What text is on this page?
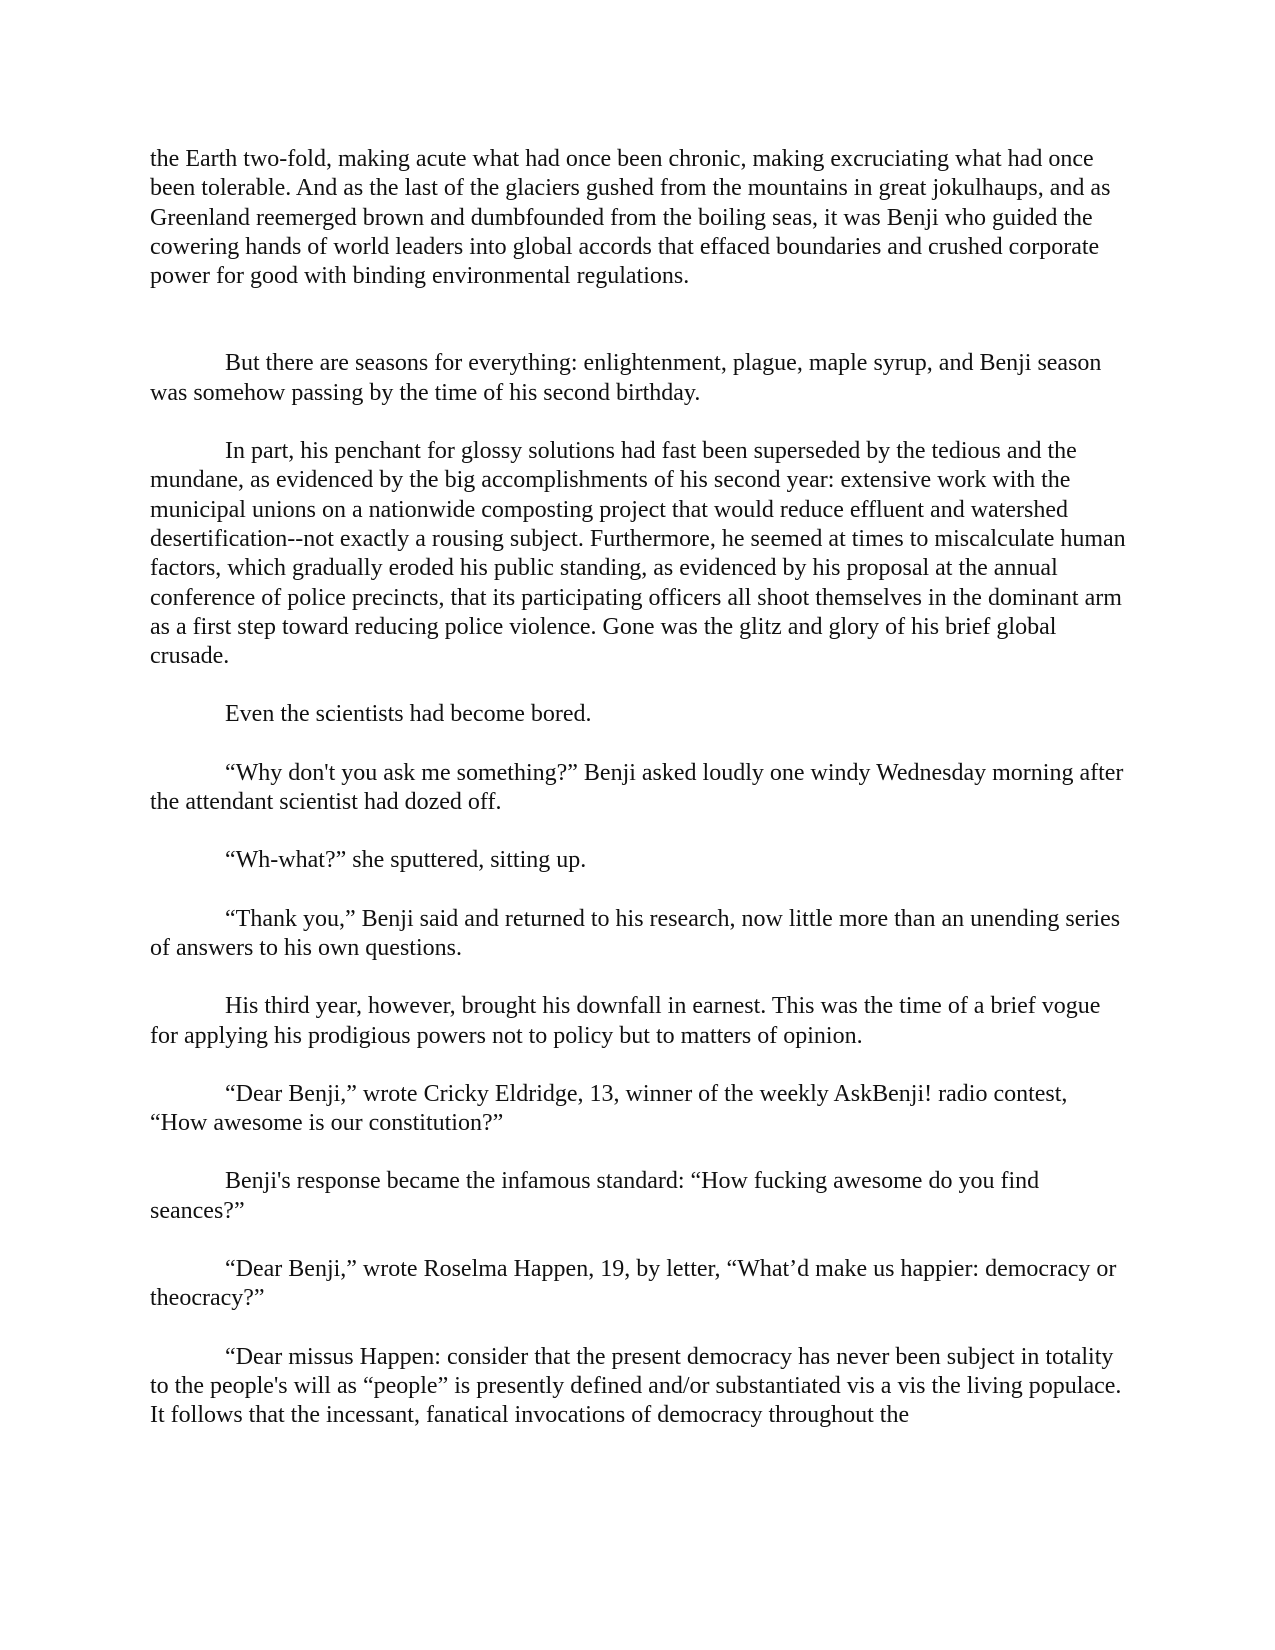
the Earth two-fold, making acute what had once been chronic, making excruciating what had once been tolerable. And as the last of the glaciers gushed from the mountains in great jokulhaups, and as Greenland reemerged brown and dumbfounded from the boiling seas, it was Benji who guided the cowering hands of world leaders into global accords that effaced boundaries and crushed corporate power for good with binding environmental regulations.

But there are seasons for everything: enlightenment, plague, maple syrup, and Benji season was somehow passing by the time of his second birthday.

In part, his penchant for glossy solutions had fast been superseded by the tedious and the mundane, as evidenced by the big accomplishments of his second year: extensive work with the municipal unions on a nationwide composting project that would reduce effluent and watershed desertification--not exactly a rousing subject. Furthermore, he seemed at times to miscalculate human factors, which gradually eroded his public standing, as evidenced by his proposal at the annual conference of police precincts, that its participating officers all shoot themselves in the dominant arm as a first step toward reducing police violence. Gone was the glitz and glory of his brief global crusade.

Even the scientists had become bored.

“Why don't you ask me something?” Benji asked loudly one windy Wednesday morning after the attendant scientist had dozed off.

“Wh-what?” she sputtered, sitting up.

“Thank you,” Benji said and returned to his research, now little more than an unending series of answers to his own questions.

His third year, however, brought his downfall in earnest. This was the time of a brief vogue for applying his prodigious powers not to policy but to matters of opinion.

“Dear Benji,” wrote Cricky Eldridge, 13, winner of the weekly AskBenji! radio contest, “How awesome is our constitution?”

Benji's response became the infamous standard: “How fucking awesome do you find seances?”

“Dear Benji,” wrote Roselma Happen, 19, by letter, “What’d make us happier: democracy or theocracy?”

“Dear missus Happen: consider that the present democracy has never been subject in totality to the people's will as “people” is presently defined and/or substantiated vis a vis the living populace. It follows that the incessant, fanatical invocations of democracy throughout the
